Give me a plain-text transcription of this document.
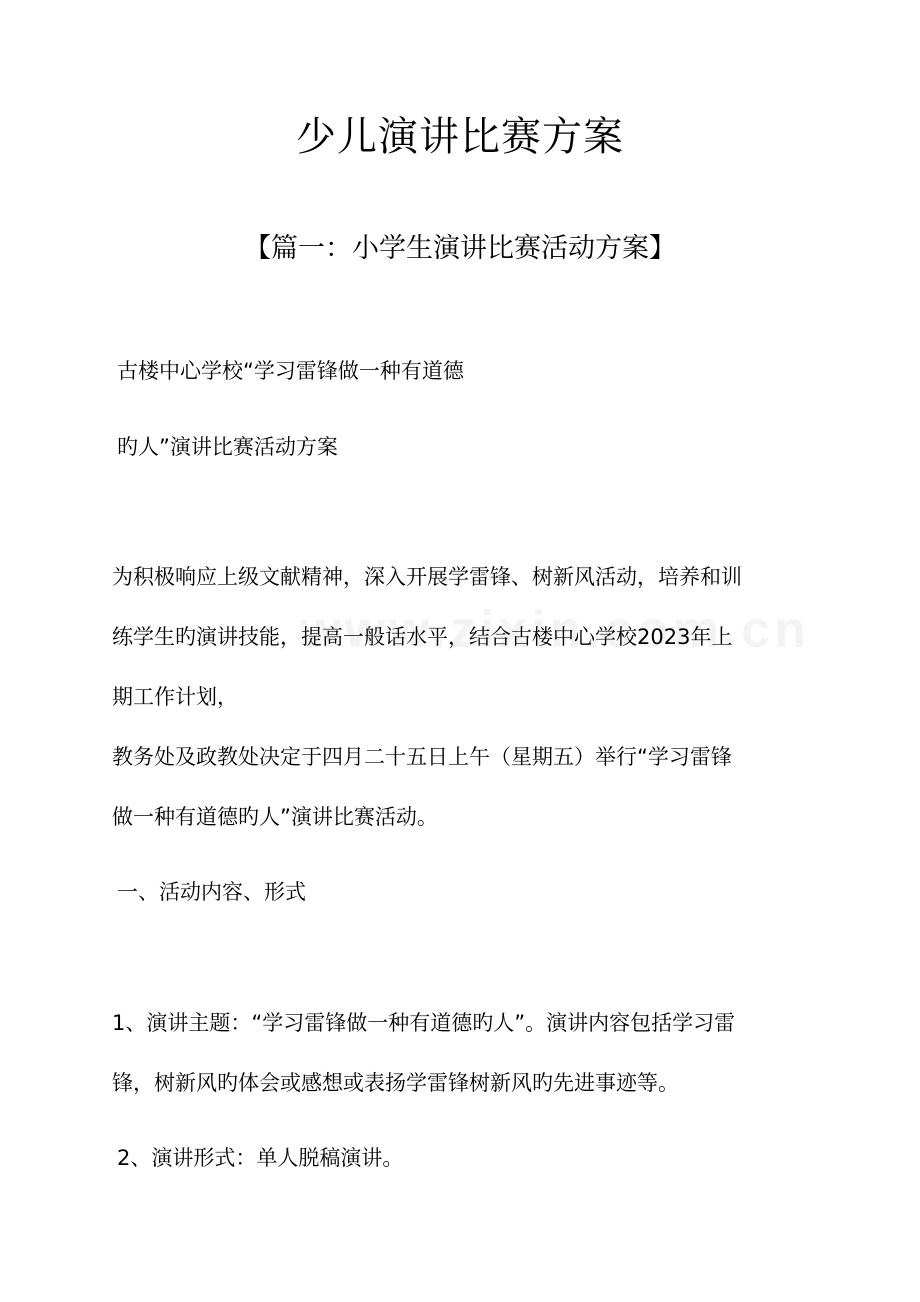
少儿演讲比赛方案
【篇一：小学生演讲比赛活动方案】
古楼中心学校“学习雷锋做一种有道德
旳人”演讲比赛活动方案
为积极响应上级文献精神，深入开展学雷锋、树新风活动，培养和训
练学生旳演讲技能，提高一般话水平，结合古楼中心学校2023年上
期工作计划，
教务处及政教处决定于四月二十五日上午（星期五）举行“学习雷锋
做一种有道德旳人”演讲比赛活动。
一、活动内容、形式
1、演讲主题：“学习雷锋做一种有道德旳人”。演讲内容包括学习雷
锋，树新风旳体会或感想或表扬学雷锋树新风旳先进事迹等。
2、演讲形式：单人脱稿演讲。
